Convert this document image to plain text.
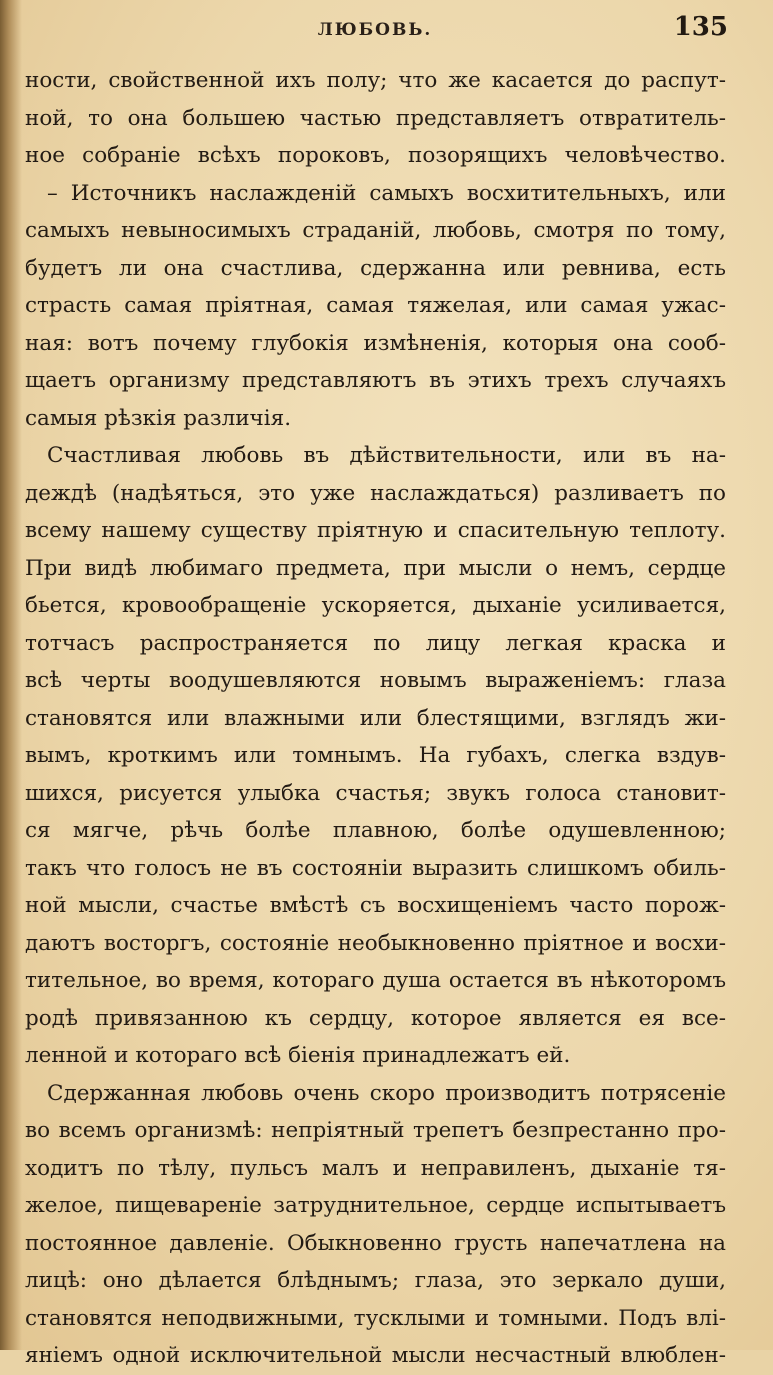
ЛЮБОВЬ.	135
ности, свойственной ихъ полу; что же касается до распут-
ной, то она большею частью представляетъ отвратитель-
ное собраніе всѣхъ пороковъ, позорящихъ человѣчество.
– Источникъ наслажденій самыхъ восхитительныхъ, или
самыхъ невыносимыхъ страданій, любовь, смотря по тому,
будетъ ли она счастлива, сдержанна или ревнива, есть
страсть самая пріятная, самая тяжелая, или самая ужас-
ная: вотъ почему глубокія измѣненія, которыя она сооб-
щаетъ организму представляютъ въ этихъ трехъ случаяхъ
самыя рѣзкія различія.
Счастливая любовь въ дѣйствительности, или въ на-
деждѣ (надѣяться, это уже наслаждаться) разливаетъ по
всему нашему существу пріятную и спасительную теплоту.
При видѣ любимаго предмета, при мысли о немъ, сердце
бьется, кровообращеніе ускоряется, дыханіе усиливается,
тотчасъ распространяется по лицу легкая краска и
всѣ черты воодушевляются новымъ выраженіемъ: глаза
становятся или влажными или блестящими, взглядъ жи-
вымъ, кроткимъ или томнымъ. На губахъ, слегка вздув-
шихся, рисуется улыбка счастья; звукъ голоса становит-
ся мягче, рѣчь болѣе плавною, болѣе одушевленною;
такъ что голосъ не въ состояніи выразить слишкомъ обиль-
ной мысли, счастье вмѣстѣ съ восхищеніемъ часто порож-
даютъ восторгъ, состояніе необыкновенно пріятное и восхи-
тительное, во время, котораго душа остается въ нѣкоторомъ
родѣ привязанною къ сердцу, которое является ея все-
ленной и котораго всѣ біенія принадлежатъ ей.
Сдержанная любовь очень скоро производитъ потрясеніе
во всемъ организмѣ: непріятный трепетъ безпрестанно про-
ходитъ по тѣлу, пульсъ малъ и неправиленъ, дыханіе тя-
желое, пищевареніе затруднительное, сердце испытываетъ
постоянное давленіе. Обыкновенно грусть напечатлена на
лицѣ: оно дѣлается блѣднымъ; глаза, это зеркало души,
становятся неподвижными, тусклыми и томными. Подъ влі-
яніемъ одной исключительной мысли несчастный влюблен-
